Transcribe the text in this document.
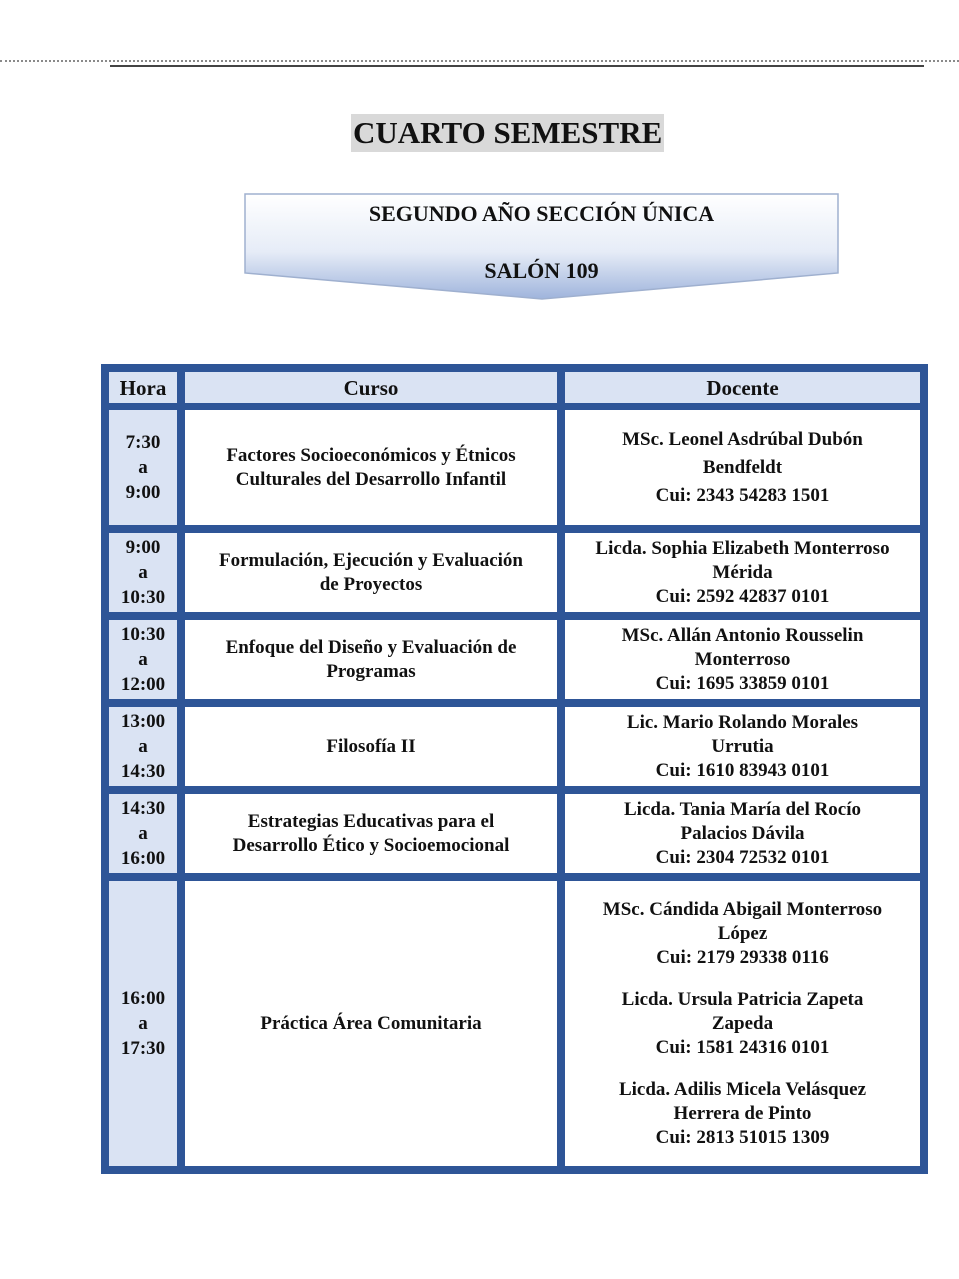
CUARTO SEMESTRE
SEGUNDO AÑO SECCIÓN ÚNICA
SALÓN 109
Hora	Curso	Docente
7:30
a
9:00
Factores Socioeconómicos y Étnicos
Culturales del Desarrollo Infantil
MSc. Leonel Asdrúbal Dubón
Bendfeldt
Cui: 2343 54283 1501
9:00
a
10:30
Formulación, Ejecución y Evaluación
de Proyectos
Licda. Sophia Elizabeth Monterroso
Mérida
Cui: 2592 42837 0101
10:30
a
12:00
Enfoque del Diseño y Evaluación de
Programas
MSc. Allán Antonio Rousselin
Monterroso
Cui: 1695 33859 0101
13:00
a
14:30
Filosofía II
Lic. Mario Rolando Morales
Urrutia
Cui: 1610 83943 0101
14:30
a
16:00
Estrategias Educativas para el
Desarrollo Ético y Socioemocional
Licda. Tania María del Rocío
Palacios Dávila
Cui: 2304 72532 0101
16:00
a
17:30
Práctica Área Comunitaria
MSc. Cándida Abigail Monterroso
López
Cui: 2179 29338 0116
Licda. Ursula Patricia Zapeta
Zapeda
Cui: 1581 24316 0101
Licda. Adilis Micela Velásquez
Herrera de Pinto
Cui: 2813 51015 1309
